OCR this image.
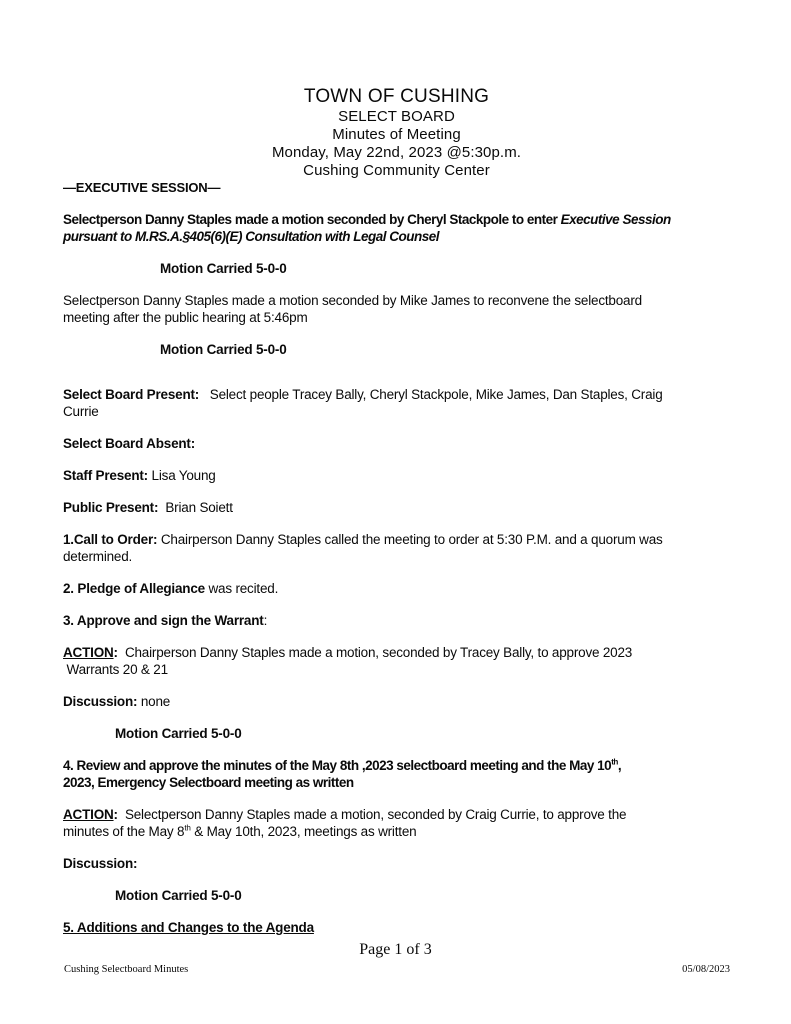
TOWN OF CUSHING
SELECT BOARD
Minutes of Meeting
Monday, May 22nd, 2023 @5:30p.m.
Cushing Community Center
—EXECUTIVE SESSION—
Selectperson Danny Staples made a motion seconded by Cheryl Stackpole to enter Executive Session
pursuant to M.RS.A.§405(6)(E) Consultation with Legal Counsel
Motion Carried 5-0-0
Selectperson Danny Staples made a motion seconded by Mike James to reconvene the selectboard
meeting after the public hearing at 5:46pm
Motion Carried 5-0-0
Select Board Present:   Select people Tracey Bally, Cheryl Stackpole, Mike James, Dan Staples, Craig
Currie
Select Board Absent:
Staff Present: Lisa Young
Public Present:  Brian Soiett
1.Call to Order: Chairperson Danny Staples called the meeting to order at 5:30 P.M. and a quorum was
determined.
2. Pledge of Allegiance was recited.
3. Approve and sign the Warrant:
ACTION:  Chairperson Danny Staples made a motion, seconded by Tracey Bally, to approve 2023
Warrants 20 & 21
Discussion: none
Motion Carried 5-0-0
4. Review and approve the minutes of the May 8th ,2023 selectboard meeting and the May 10th,
2023, Emergency Selectboard meeting as written
ACTION:  Selectperson Danny Staples made a motion, seconded by Craig Currie, to approve the
minutes of the May 8th & May 10th, 2023, meetings as written
Discussion:
Motion Carried 5-0-0
5. Additions and Changes to the Agenda
Page 1 of 3
Cushing Selectboard Minutes	05/08/2023
